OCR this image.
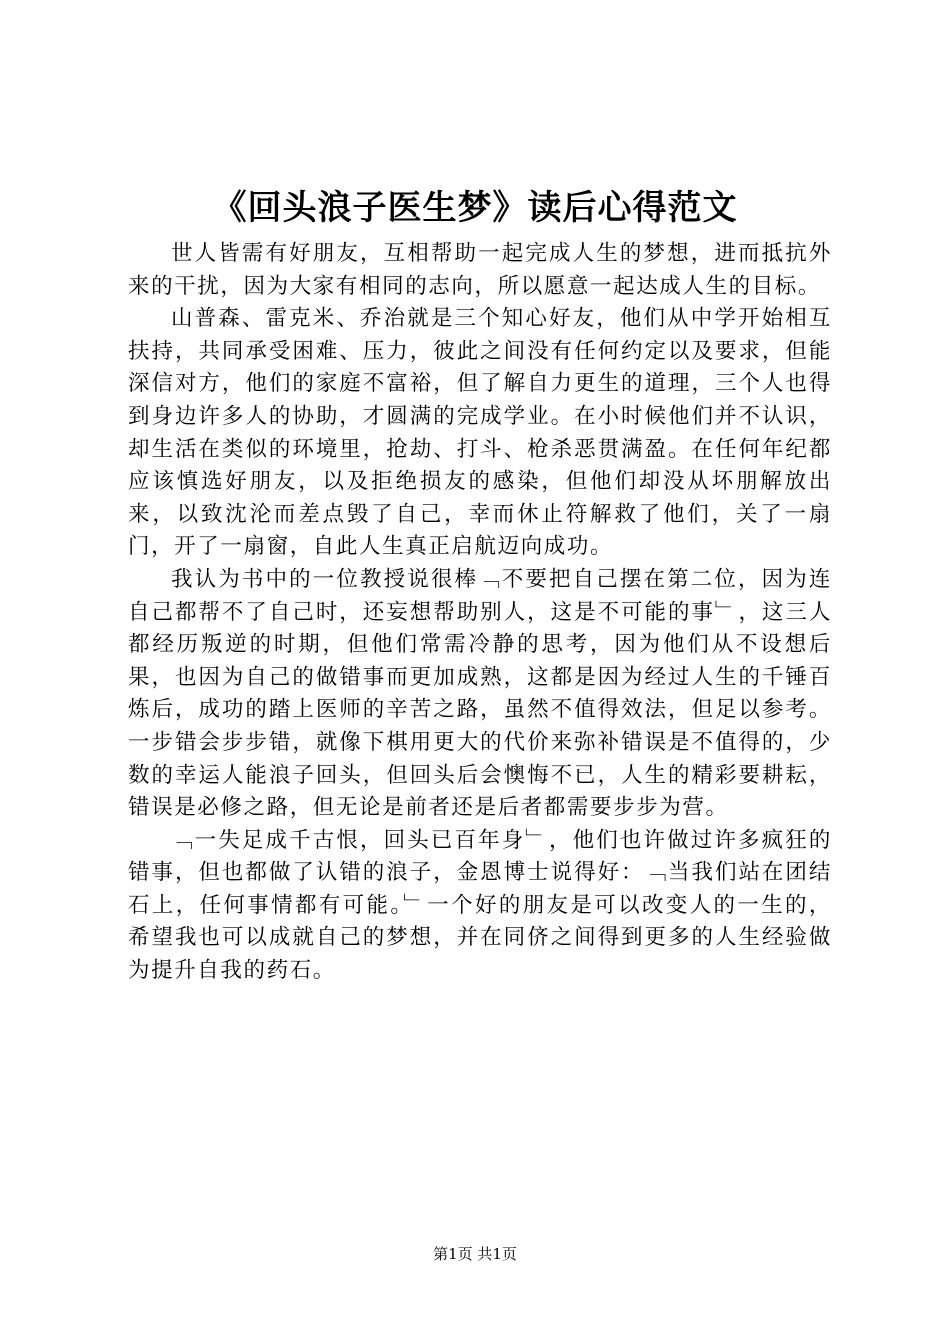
《回头浪子医生梦》读后心得范文

世人皆需有好朋友，互相帮助一起完成人生的梦想，进而抵抗外来的干扰，因为大家有相同的志向，所以愿意一起达成人生的目标。

山普森、雷克米、乔治就是三个知心好友，他们从中学开始相互扶持，共同承受困难、压力，彼此之间没有任何约定以及要求，但能深信对方，他们的家庭不富裕，但了解自力更生的道理，三个人也得到身边许多人的协助，才圆满的完成学业。在小时候他们并不认识，却生活在类似的环境里，抢劫、打斗、枪杀恶贯满盈。在任何年纪都应该慎选好朋友，以及拒绝损友的感染，但他们却没从坏朋解放出来，以致沈沦而差点毁了自己，幸而休止符解救了他们，关了一扇门，开了一扇窗，自此人生真正启航迈向成功。

我认为书中的一位教授说很棒﹁不要把自己摆在第二位，因为连自己都帮不了自己时，还妄想帮助别人，这是不可能的事﹂，这三人都经历叛逆的时期，但他们常需冷静的思考，因为他们从不设想后果，也因为自己的做错事而更加成熟，这都是因为经过人生的千锤百炼后，成功的踏上医师的辛苦之路，虽然不值得效法，但足以参考。一步错会步步错，就像下棋用更大的代价来弥补错误是不值得的，少数的幸运人能浪子回头，但回头后会懊悔不已，人生的精彩要耕耘，错误是必修之路，但无论是前者还是后者都需要步步为营。

﹁一失足成千古恨，回头已百年身﹂，他们也许做过许多疯狂的错事，但也都做了认错的浪子，金恩博士说得好：﹁当我们站在团结石上，任何事情都有可能。﹂一个好的朋友是可以改变人的一生的，希望我也可以成就自己的梦想，并在同侪之间得到更多的人生经验做为提升自我的药石。

第1页 共1页
